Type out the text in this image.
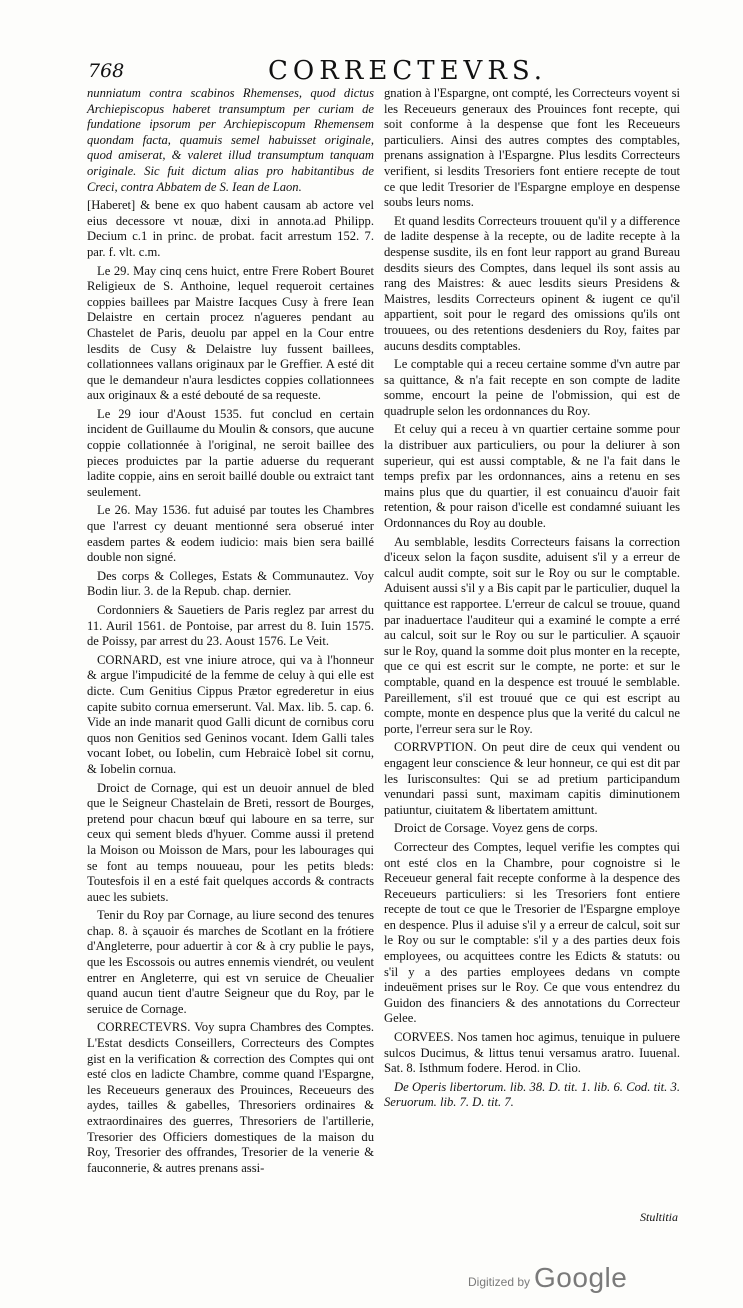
768	CORRECTEVRS.

nunniatum contra scabinos Rhemenses, quod dictus Archiepiscopus haberet transumptum per curiam de fundatione ipsorum per Archiepiscopum Rhemensem quondam facta, quamuis semel habuisset originale, quod amiserat, & valeret illud transumptum tanquam originale. Sic fuit dictum alias pro habitantibus de Creci, contra Abbatem de S. Iean de Laon.

[Haberet] & bene ex quo habent causam ab actore vel eius decessore vt nouæ, dixi in annota.ad Philipp. Decium c.1 in princ. de probat. facit arrestum 152. 7. par. f. vlt. c.m.

Le 29. May cinq cens huict, entre Frere Robert Bouret Religieux de S. Anthoine, lequel requeroit certaines coppies baillees par Maistre Iacques Cusy à frere Iean Delaistre en certain procez n'agueres pendant au Chastelet de Paris, deuolu par appel en la Cour entre lesdits de Cusy & Delaistre luy fussent baillees, collationnees vallans originaux par le Greffier. A esté dit que le demandeur n'aura lesdictes coppies collationnees aux originaux & a esté debouté de sa requeste.

Le 29 iour d'Aoust 1535. fut conclud en certain incident de Guillaume du Moulin & consors, que aucune coppie collationnée à l'original, ne seroit baillee des pieces produictes par la partie aduerse du requerant ladite coppie, ains en seroit baillé double ou extraict tant seulement.

Le 26. May 1536. fut aduisé par toutes les Chambres que l'arrest cy deuant mentionné sera obserué inter easdem partes & eodem iudicio: mais bien sera baillé double non signé.

Des corps & Colleges, Estats & Communautez. Voy Bodin liur. 3. de la Repub. chap. dernier.

Cordonniers & Sauetiers de Paris reglez par arrest du 11. Auril 1561. de Pontoise, par arrest du 8. Iuin 1575. de Poissy, par arrest du 23. Aoust 1576. Le Veit.

CORNARD, est vne iniure atroce, qui va à l'honneur & argue l'impudicité de la femme de celuy à qui elle est dicte. Cum Genitius Cippus Prætor egrederetur in eius capite subito cornua emerserunt. Val. Max. lib. 5. cap. 6. Vide an inde manarit quod Galli dicunt de cornibus coru quos non Genitios sed Geninos vocant. Idem Galli tales vocant Iobet, ou Iobelin, cum Hebraicè Iobel sit cornu, & Iobelin cornua.

Droict de Cornage, qui est un deuoir annuel de bled que le Seigneur Chastelain de Breti, ressort de Bourges, pretend pour chacun bœuf qui laboure en sa terre, sur ceux qui sement bleds d'hyuer. Comme aussi il pretend la Moison ou Moisson de Mars, pour les labourages qui se font au temps nouueau, pour les petits bleds: Toutesfois il en a esté fait quelques accords & contracts auec les subiets.

Tenir du Roy par Cornage, au liure second des tenures chap. 8. à sçauoir és marches de Scotlant en la frótiere d'Angleterre, pour aduertir à cor & à cry publie le pays, que les Escossois ou autres ennemis viendrét, ou veulent entrer en Angleterre, qui est vn seruice de Cheualier quand aucun tient d'autre Seigneur que du Roy, par le seruice de Cornage.

CORRECTEVRS. Voy supra Chambres des Comptes. L'Estat desdicts Conseillers, Correcteurs des Comptes gist en la verification & correction des Comptes qui ont esté clos en ladicte Chambre, comme quand l'Espargne, les Receueurs generaux des Prouinces, Receueurs des aydes, tailles & gabelles, Thresoriers ordinaires & extraordinaires des guerres, Thresoriers de l'artillerie, Tresorier des Officiers domestiques de la maison du Roy, Tresorier des offrandes, Tresorier de la venerie & fauconnerie, & autres prenans assi-

gnation à l'Espargne, ont compté, les Correcteurs voyent si les Receueurs generaux des Prouinces font recepte, qui soit conforme à la despense que font les Receueurs particuliers. Ainsi des autres comptes des comptables, prenans assignation à l'Espargne. Plus lesdits Correcteurs verifient, si lesdits Tresoriers font entiere recepte de tout ce que ledit Tresorier de l'Espargne employe en despense soubs leurs noms.

Et quand lesdits Correcteurs trouuent qu'il y a difference de ladite despense à la recepte, ou de ladite recepte à la despense susdite, ils en font leur rapport au grand Bureau desdits sieurs des Comptes, dans lequel ils sont assis au rang des Maistres: & auec lesdits sieurs Presidens & Maistres, lesdits Correcteurs opinent & iugent ce qu'il appartient, soit pour le regard des omissions qu'ils ont trouuees, ou des retentions desdeniers du Roy, faites par aucuns desdits comptables.

Le comptable qui a receu certaine somme d'vn autre par sa quittance, & n'a fait recepte en son compte de ladite somme, encourt la peine de l'obmission, qui est de quadruple selon les ordonnances du Roy.

Et celuy qui a receu à vn quartier certaine somme pour la distribuer aux particuliers, ou pour la deliurer à son superieur, qui est aussi comptable, & ne l'a fait dans le temps prefix par les ordonnances, ains a retenu en ses mains plus que du quartier, il est conuaincu d'auoir fait retention, & pour raison d'icelle est condamné suiuant les Ordonnances du Roy au double.

Au semblable, lesdits Correcteurs faisans la correction d'iceux selon la façon susdite, aduisent s'il y a erreur de calcul audit compte, soit sur le Roy ou sur le comptable. Aduisent aussi s'il y a Bis capit par le particulier, duquel la quittance est rapportee. L'erreur de calcul se trouue, quand par inaduertace l'auditeur qui a examiné le compte a erré au calcul, soit sur le Roy ou sur le particulier. A sçauoir sur le Roy, quand la somme doit plus monter en la recepte, que ce qui est escrit sur le compte, ne porte: et sur le comptable, quand en la despence est trouué le semblable. Pareillement, s'il est trouué que ce qui est escript au compte, monte en despence plus que la verité du calcul ne porte, l'erreur sera sur le Roy.

CORRVPTION. On peut dire de ceux qui vendent ou engagent leur conscience & leur honneur, ce qui est dit par les Iurisconsultes: Qui se ad pretium participandum venundari passi sunt, maximam capitis diminutionem patiuntur, ciuitatem & libertatem amittunt.

Droict de Corsage. Voyez gens de corps.

Correcteur des Comptes, lequel verifie les comptes qui ont esté clos en la Chambre, pour cognoistre si le Receueur general fait recepte conforme à la despence des Receueurs particuliers: si les Tresoriers font entiere recepte de tout ce que le Tresorier de l'Espargne employe en despence. Plus il aduise s'il y a erreur de calcul, soit sur le Roy ou sur le comptable: s'il y a des parties deux fois employees, ou acquittees contre les Edicts & statuts: ou s'il y a des parties employees dedans vn compte indeuëment prises sur le Roy. Ce que vous entendrez du Guidon des financiers & des annotations du Correcteur Gelee.

CORVEES. Nos tamen hoc agimus, tenuique in puluere sulcos Ducimus, & littus tenui versamus aratro. Iuuenal. Sat. 8. Isthmum fodere. Herod. in Clio.

De Operis libertorum. lib. 38. D. tit. 1. lib. 6. Cod. tit. 3. Seruorum. lib. 7. D. tit. 7.

Stultitia
Digitized by Google
